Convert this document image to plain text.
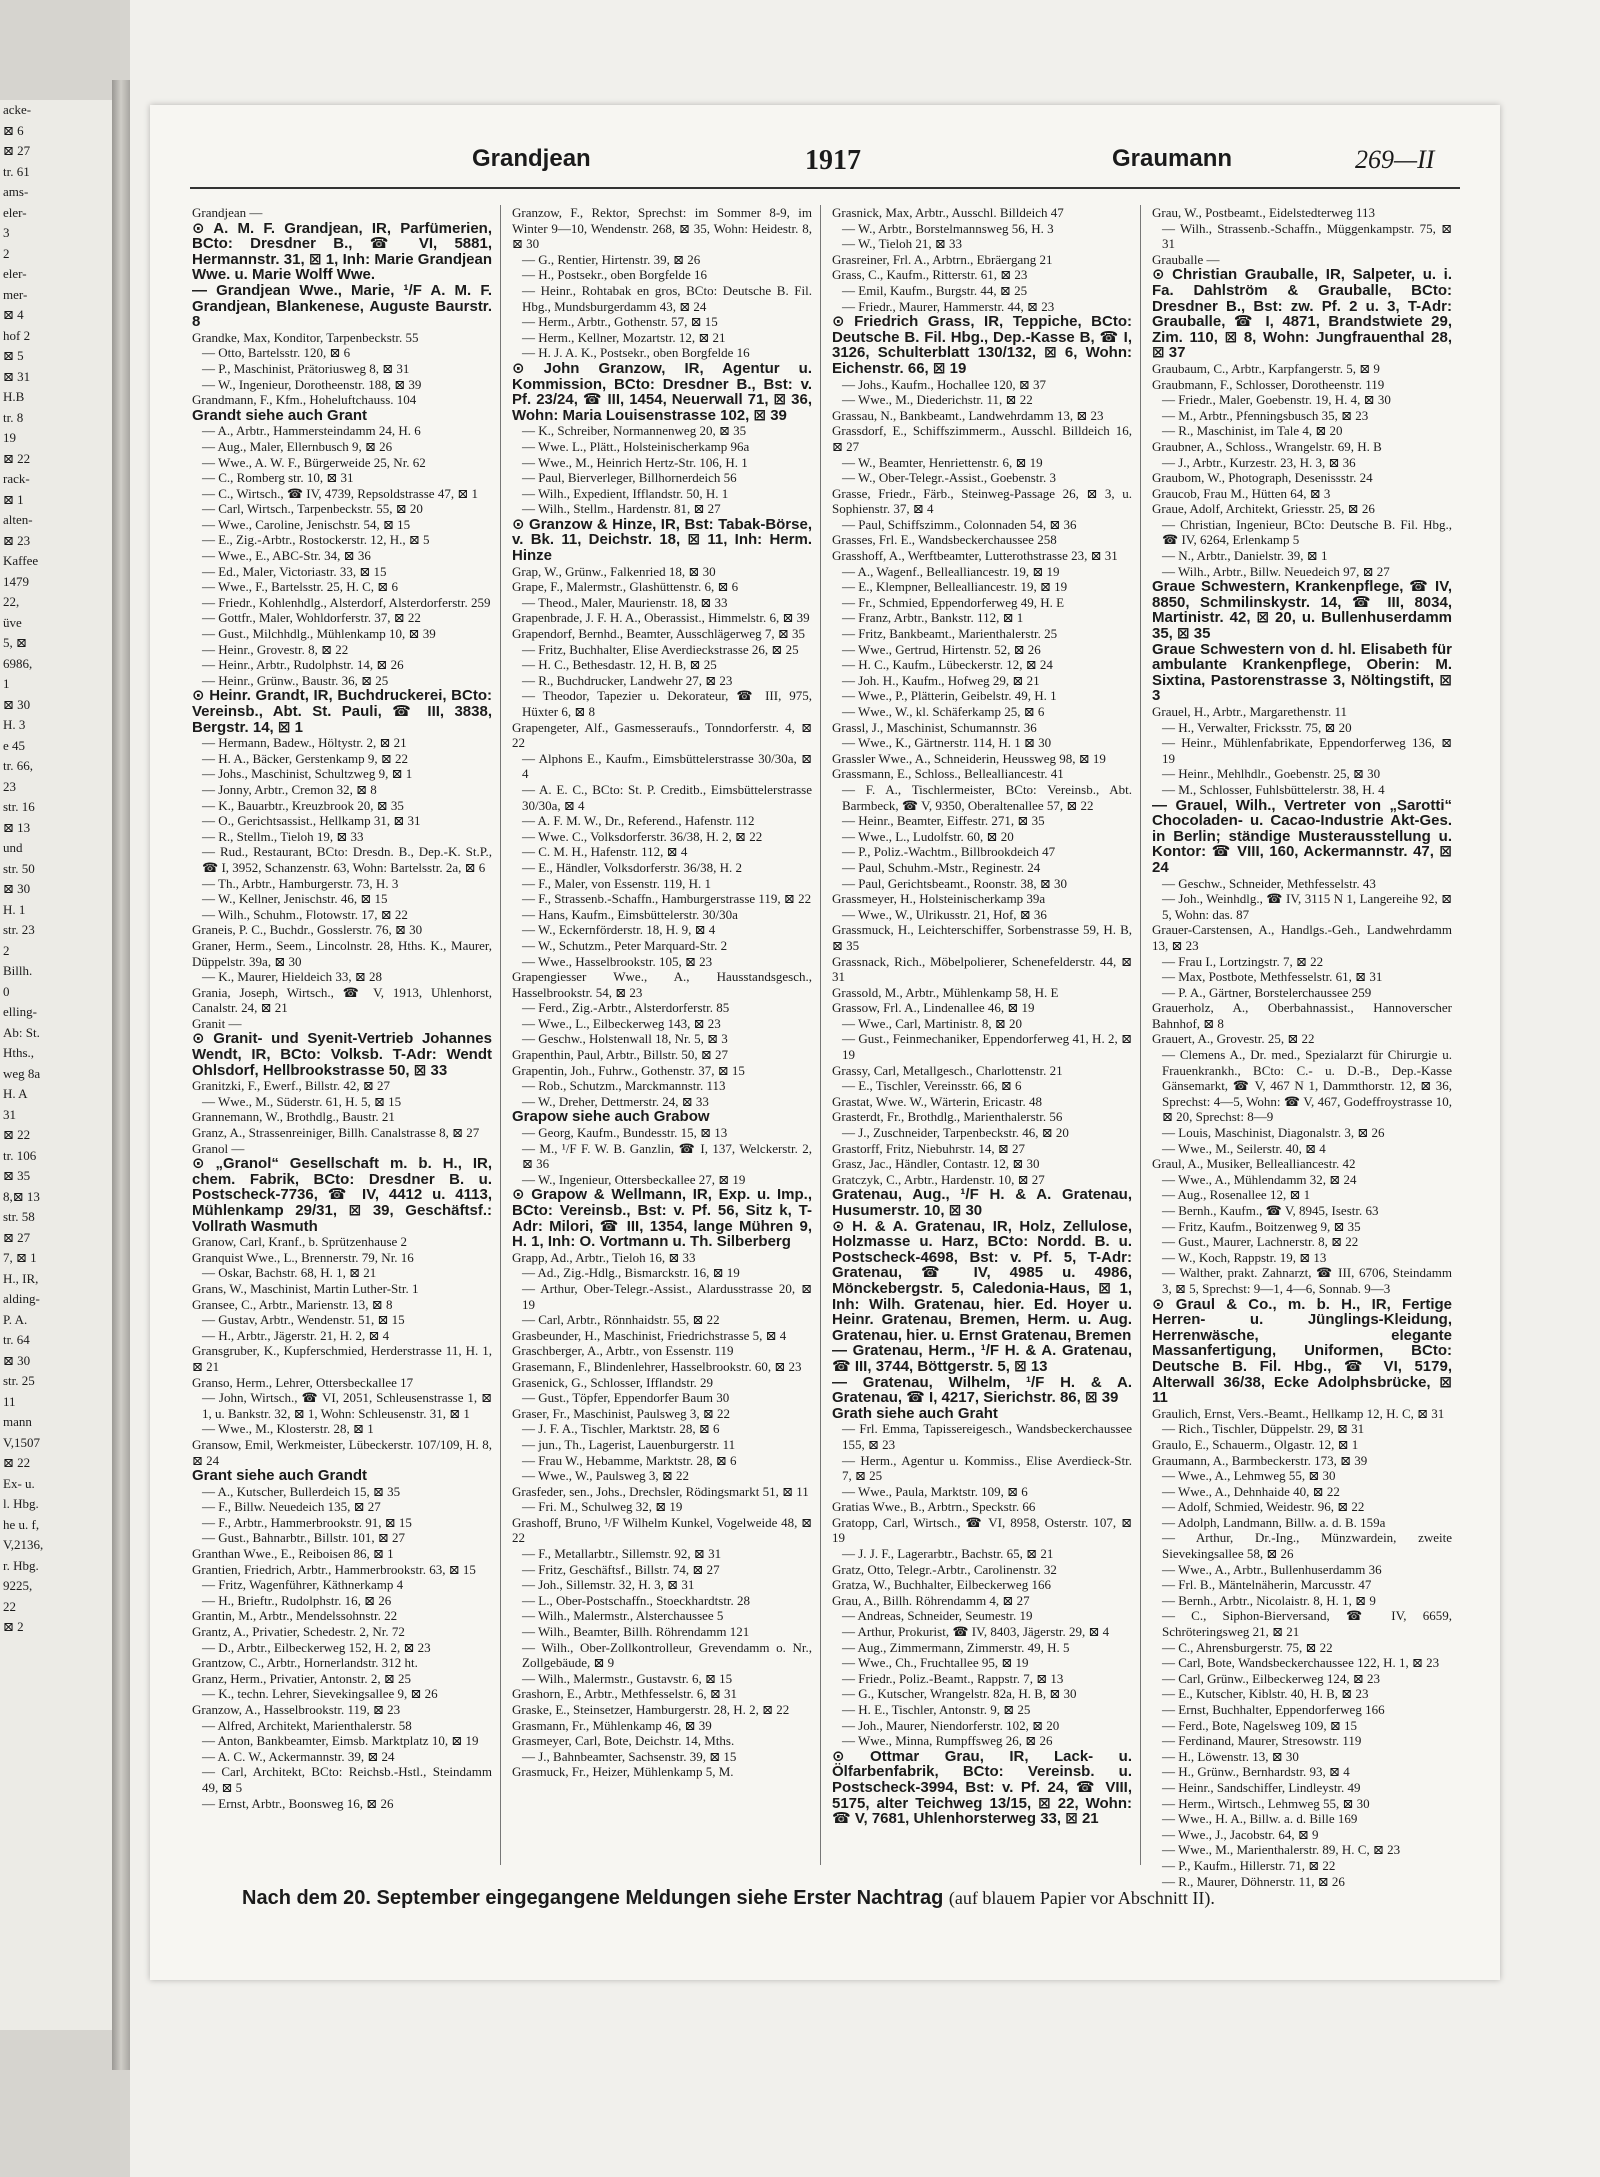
acke-
⊠ 6
⊠ 27
tr. 61
ams-
eler-
3
2
eler-
mer-
⊠ 4
hof 2
⊠ 5
⊠ 31
H.B
tr. 8
19
⊠ 22
rack-
⊠ 1
alten-
⊠ 23
Kaffee
1479
22,
üve
5, ⊠
6986,
1
⊠ 30
H. 3
e 45
tr. 66,
23
str. 16
⊠ 13
und
str. 50
⊠ 30
H. 1
str. 23
2
Billh.
0
elling-
Ab: St.
Hths.,
weg 8a
H. A
31
⊠ 22
tr. 106
⊠ 35
8,⊠ 13
str. 58
⊠ 27
7, ⊠ 1
H., IR,
alding-
P. A.
tr. 64
⊠ 30
str. 25
11
mann
V,1507
⊠ 22
Ex- u.
l. Hbg.
he u. f,
V,2136,
r. Hbg.
9225,
22
⊠ 2
Grandjean	1917	Graumann	269—II
Grandjean —
⊙ A. M. F. Grandjean, IR, Parfümerien, BCto: Dresdner B., ☎ VI, 5881, Hermannstr. 31, ⊠ 1, Inh: Marie Grandjean Wwe. u. Marie Wolff Wwe.
— Grandjean Wwe., Marie, ¹/F A. M. F. Grandjean, Blankenese, Auguste Baurstr. 8
Grandke, Max, Konditor, Tarpenbeckstr. 55
— Otto, Bartelsstr. 120, ⊠ 6
— P., Maschinist, Prätoriusweg 8, ⊠ 31
— W., Ingenieur, Dorotheenstr. 188, ⊠ 39
Grandmann, F., Kfm., Hoheluftchauss. 104
Grandt siehe auch Grant
— A., Arbtr., Hammersteindamm 24, H. 6
— Aug., Maler, Ellernbusch 9, ⊠ 26
— Wwe., A. W. F., Bürgerweide 25, Nr. 62
— C., Romberg str. 10, ⊠ 31
— C., Wirtsch., ☎ IV, 4739, Repsoldstrasse 47, ⊠ 1
— Carl, Wirtsch., Tarpenbeckstr. 55, ⊠ 20
— Wwe., Caroline, Jenischstr. 54, ⊠ 15
— E., Zig.-Arbtr., Rostockerstr. 12, H., ⊠ 5
— Wwe., E., ABC-Str. 34, ⊠ 36
— Ed., Maler, Victoriastr. 33, ⊠ 15
— Wwe., F., Bartelsstr. 25, H. C, ⊠ 6
— Friedr., Kohlenhdlg., Alsterdorf, Alsterdorferstr. 259
— Gottfr., Maler, Wohldorferstr. 37, ⊠ 22
— Gust., Milchhdlg., Mühlenkamp 10, ⊠ 39
— Heinr., Grovestr. 8, ⊠ 22
— Heinr., Arbtr., Rudolphstr. 14, ⊠ 26
— Heinr., Grünw., Baustr. 36, ⊠ 25
⊙ Heinr. Grandt, IR, Buchdruckerei, BCto: Vereinsb., Abt. St. Pauli, ☎ III, 3838, Bergstr. 14, ⊠ 1
— Hermann, Badew., Höltystr. 2, ⊠ 21
— H. A., Bäcker, Gerstenkamp 9, ⊠ 22
— Johs., Maschinist, Schultzweg 9, ⊠ 1
— Jonny, Arbtr., Cremon 32, ⊠ 8
— K., Bauarbtr., Kreuzbrook 20, ⊠ 35
— O., Gerichtsassist., Hellkamp 31, ⊠ 31
— R., Stellm., Tieloh 19, ⊠ 33
— Rud., Restaurant, BCto: Dresdn. B., Dep.-K. St.P., ☎ I, 3952, Schanzenstr. 63, Wohn: Bartelsstr. 2a, ⊠ 6
— Th., Arbtr., Hamburgerstr. 73, H. 3
— W., Kellner, Jenischstr. 46, ⊠ 15
— Wilh., Schuhm., Flotowstr. 17, ⊠ 22
Graneis, P. C., Buchdr., Gosslerstr. 76, ⊠ 30
Graner, Herm., Seem., Lincolnstr. 28, Hths. K., Maurer, Düppelstr. 39a, ⊠ 30
— K., Maurer, Hieldeich 33, ⊠ 28
Grania, Joseph, Wirtsch., ☎ V, 1913, Uhlenhorst, Canalstr. 24, ⊠ 21
Granit —
⊙ Granit- und Syenit-Vertrieb Johannes Wendt, IR, BCto: Volksb. T-Adr: Wendt Ohlsdorf, Hellbrookstrasse 50, ⊠ 33
Granitzki, F., Ewerf., Billstr. 42, ⊠ 27
— Wwe., M., Süderstr. 61, H. 5, ⊠ 15
Grannemann, W., Brothdlg., Baustr. 21
Granz, A., Strassenreiniger, Billh. Canalstrasse 8, ⊠ 27
Granol —
⊙ „Granol“ Gesellschaft m. b. H., IR, chem. Fabrik, BCto: Dresdner B. u. Postscheck-7736, ☎ IV, 4412 u. 4113, Mühlenkamp 29/31, ⊠ 39, Geschäftsf.: Vollrath Wasmuth
Granow, Carl, Kranf., b. Sprützenhause 2
Granquist Wwe., L., Brennerstr. 79, Nr. 16
— Oskar, Bachstr. 68, H. 1, ⊠ 21
Grans, W., Maschinist, Martin Luther-Str. 1
Gransee, C., Arbtr., Marienstr. 13, ⊠ 8
— Gustav, Arbtr., Wendenstr. 51, ⊠ 15
— H., Arbtr., Jägerstr. 21, H. 2, ⊠ 4
Gransgruber, K., Kupferschmied, Herderstrasse 11, H. 1, ⊠ 21
Granso, Herm., Lehrer, Ottersbeckallee 17
— John, Wirtsch., ☎ VI, 2051, Schleusenstrasse 1, ⊠ 1, u. Bankstr. 32, ⊠ 1, Wohn: Schleusenstr. 31, ⊠ 1
— Wwe., M., Klosterstr. 28, ⊠ 1
Gransow, Emil, Werkmeister, Lübeckerstr. 107/109, H. 8, ⊠ 24
Grant siehe auch Grandt
— A., Kutscher, Bullerdeich 15, ⊠ 35
— F., Billw. Neuedeich 135, ⊠ 27
— F., Arbtr., Hammerbrookstr. 91, ⊠ 15
— Gust., Bahnarbtr., Billstr. 101, ⊠ 27
Granthan Wwe., E., Reiboisen 86, ⊠ 1
Grantien, Friedrich, Arbtr., Hammerbrookstr. 63, ⊠ 15
— Fritz, Wagenführer, Käthnerkamp 4
— H., Brieftr., Rudolphstr. 16, ⊠ 26
Grantin, M., Arbtr., Mendelssohnstr. 22
Grantz, A., Privatier, Schedestr. 2, Nr. 72
— D., Arbtr., Eilbeckerweg 152, H. 2, ⊠ 23
Grantzow, C., Arbtr., Hornerlandstr. 312 ht.
Granz, Herm., Privatier, Antonstr. 2, ⊠ 25
— K., techn. Lehrer, Sievekingsallee 9, ⊠ 26
Granzow, A., Hasselbrookstr. 119, ⊠ 23
— Alfred, Architekt, Marienthalerstr. 58
— Anton, Bankbeamter, Eimsb. Marktplatz 10, ⊠ 19
— A. C. W., Ackermannstr. 39, ⊠ 24
— Carl, Architekt, BCto: Reichsb.-Hstl., Steindamm 49, ⊠ 5
— Ernst, Arbtr., Boonsweg 16, ⊠ 26
Granzow, F., Rektor, Sprechst: im Sommer 8-9, im Winter 9—10, Wendenstr. 268, ⊠ 35, Wohn: Heidestr. 8, ⊠ 30
— G., Rentier, Hirtenstr. 39, ⊠ 26
— H., Postsekr., oben Borgfelde 16
— Heinr., Rohtabak en gros, BCto: Deutsche B. Fil. Hbg., Mundsburgerdamm 43, ⊠ 24
— Herm., Arbtr., Gothenstr. 57, ⊠ 15
— Herm., Kellner, Mozartstr. 12, ⊠ 21
— H. J. A. K., Postsekr., oben Borgfelde 16
⊙ John Granzow, IR, Agentur u. Kommission, BCto: Dresdner B., Bst: v. Pf. 23/24, ☎ III, 1454, Neuerwall 71, ⊠ 36, Wohn: Maria Louisenstrasse 102, ⊠ 39
— K., Schreiber, Normannenweg 20, ⊠ 35
— Wwe. L., Plätt., Holsteinischerkamp 96a
— Wwe., M., Heinrich Hertz-Str. 106, H. 1
— Paul, Bierverleger, Billhornerdeich 56
— Wilh., Expedient, Ifflandstr. 50, H. 1
— Wilh., Stellm., Hardenstr. 81, ⊠ 27
⊙ Granzow & Hinze, IR, Bst: Tabak-Börse, v. Bk. 11, Deichstr. 18, ⊠ 11, Inh: Herm. Hinze
Grap, W., Grünw., Falkenried 18, ⊠ 30
Grape, F., Malermstr., Glashüttenstr. 6, ⊠ 6
— Theod., Maler, Maurienstr. 18, ⊠ 33
Grapenbrade, J. F. H. A., Oberassist., Himmelstr. 6, ⊠ 39
Grapendorf, Bernhd., Beamter, Ausschlägerweg 7, ⊠ 35
— Fritz, Buchhalter, Elise Averdieckstrasse 26, ⊠ 25
— H. C., Bethesdastr. 12, H. B, ⊠ 25
— R., Buchdrucker, Landwehr 27, ⊠ 23
— Theodor, Tapezier u. Dekorateur, ☎ III, 975, Hüxter 6, ⊠ 8
Grapengeter, Alf., Gasmesseraufs., Tonndorferstr. 4, ⊠ 22
— Alphons E., Kaufm., Eimsbüttelerstrasse 30/30a, ⊠ 4
— A. E. C., BCto: St. P. Creditb., Eimsbüttelerstrasse 30/30a, ⊠ 4
— A. F. M. W., Dr., Referend., Hafenstr. 112
— Wwe. C., Volksdorferstr. 36/38, H. 2, ⊠ 22
— C. M. H., Hafenstr. 112, ⊠ 4
— E., Händler, Volksdorferstr. 36/38, H. 2
— F., Maler, von Essenstr. 119, H. 1
— F., Strassenb.-Schaffn., Hamburgerstrasse 119, ⊠ 22
— Hans, Kaufm., Eimsbüttelerstr. 30/30a
— W., Eckernförderstr. 18, H. 9, ⊠ 4
— W., Schutzm., Peter Marquard-Str. 2
— Wwe., Hasselbrookstr. 105, ⊠ 23
Grapengiesser Wwe., A., Hausstandsgesch., Hasselbrookstr. 54, ⊠ 23
— Ferd., Zig.-Arbtr., Alsterdorferstr. 85
— Wwe., L., Eilbeckerweg 143, ⊠ 23
— Geschw., Holstenwall 18, Nr. 5, ⊠ 3
Grapenthin, Paul, Arbtr., Billstr. 50, ⊠ 27
Grapentin, Joh., Fuhrw., Gothenstr. 37, ⊠ 15
— Rob., Schutzm., Marckmannstr. 113
— W., Dreher, Dettmerstr. 24, ⊠ 33
Grapow siehe auch Grabow
— Georg, Kaufm., Bundesstr. 15, ⊠ 13
— M., ¹/F F. W. B. Ganzlin, ☎ I, 137, Welckerstr. 2, ⊠ 36
— W., Ingenieur, Ottersbeckallee 27, ⊠ 19
⊙ Grapow & Wellmann, IR, Exp. u. Imp., BCto: Vereinsb., Bst: v. Pf. 56, Sitz k, T-Adr: Milori, ☎ III, 1354, lange Mühren 9, H. 1, Inh: O. Vortmann u. Th. Silberberg
Grapp, Ad., Arbtr., Tieloh 16, ⊠ 33
— Ad., Zig.-Hdlg., Bismarckstr. 16, ⊠ 19
— Arthur, Ober-Telegr.-Assist., Alardusstrasse 20, ⊠ 19
— Carl, Arbtr., Rönnhaidstr. 55, ⊠ 22
Grasbeunder, H., Maschinist, Friedrichstrasse 5, ⊠ 4
Graschberger, A., Arbtr., von Essenstr. 119
Grasemann, F., Blindenlehrer, Hasselbrookstr. 60, ⊠ 23
Grasenick, G., Schlosser, Ifflandstr. 29
— Gust., Töpfer, Eppendorfer Baum 30
Graser, Fr., Maschinist, Paulsweg 3, ⊠ 22
— J. F. A., Tischler, Marktstr. 28, ⊠ 6
— jun., Th., Lagerist, Lauenburgerstr. 11
— Frau W., Hebamme, Marktstr. 28, ⊠ 6
— Wwe., W., Paulsweg 3, ⊠ 22
Grasfeder, sen., Johs., Drechsler, Rödingsmarkt 51, ⊠ 11
— Fri. M., Schulweg 32, ⊠ 19
Grashoff, Bruno, ¹/F Wilhelm Kunkel, Vogelweide 48, ⊠ 22
— F., Metallarbtr., Sillemstr. 92, ⊠ 31
— Fritz, Geschäftsf., Billstr. 74, ⊠ 27
— Joh., Sillemstr. 32, H. 3, ⊠ 31
— L., Ober-Postschaffn., Stoeckhardtstr. 28
— Wilh., Malermstr., Alsterchaussee 5
— Wilh., Beamter, Billh. Röhrendamm 121
— Wilh., Ober-Zollkontrolleur, Grevendamm o. Nr., Zollgebäude, ⊠ 9
— Wilh., Malermstr., Gustavstr. 6, ⊠ 15
Grashorn, E., Arbtr., Methfesselstr. 6, ⊠ 31
Graske, E., Steinsetzer, Hamburgerstr. 28, H. 2, ⊠ 22
Grasmann, Fr., Mühlenkamp 46, ⊠ 39
Grasmeyer, Carl, Bote, Deichstr. 14, Mths.
— J., Bahnbeamter, Sachsenstr. 39, ⊠ 15
Grasmuck, Fr., Heizer, Mühlenkamp 5, M.
Grasnick, Max, Arbtr., Ausschl. Billdeich 47
— W., Arbtr., Borstelmannsweg 56, H. 3
— W., Tieloh 21, ⊠ 33
Grasreiner, Frl. A., Arbtrn., Ebräergang 21
Grass, C., Kaufm., Ritterstr. 61, ⊠ 23
— Emil, Kaufm., Burgstr. 44, ⊠ 25
— Friedr., Maurer, Hammerstr. 44, ⊠ 23
⊙ Friedrich Grass, IR, Teppiche, BCto: Deutsche B. Fil. Hbg., Dep.-Kasse B, ☎ I, 3126, Schulterblatt 130/132, ⊠ 6, Wohn: Eichenstr. 66, ⊠ 19
— Johs., Kaufm., Hochallee 120, ⊠ 37
— Wwe., M., Diederichstr. 11, ⊠ 22
Grassau, N., Bankbeamt., Landwehrdamm 13, ⊠ 23
Grassdorf, E., Schiffszimmerm., Ausschl. Billdeich 16, ⊠ 27
— W., Beamter, Henriettenstr. 6, ⊠ 19
— W., Ober-Telegr.-Assist., Goebenstr. 3
Grasse, Friedr., Färb., Steinweg-Passage 26, ⊠ 3, u. Sophienstr. 37, ⊠ 4
— Paul, Schiffszimm., Colonnaden 54, ⊠ 36
Grasses, Frl. E., Wandsbeckerchaussee 258
Grasshoff, A., Werftbeamter, Lutterothstrasse 23, ⊠ 31
— A., Wagenf., Bellealliancestr. 19, ⊠ 19
— E., Klempner, Bellealliancestr. 19, ⊠ 19
— Fr., Schmied, Eppendorferweg 49, H. E
— Franz, Arbtr., Bankstr. 112, ⊠ 1
— Fritz, Bankbeamt., Marienthalerstr. 25
— Wwe., Gertrud, Hirtenstr. 52, ⊠ 26
— H. C., Kaufm., Lübeckerstr. 12, ⊠ 24
— Joh. H., Kaufm., Hofweg 29, ⊠ 21
— Wwe., P., Plätterin, Geibelstr. 49, H. 1
— Wwe., W., kl. Schäferkamp 25, ⊠ 6
Grassl, J., Maschinist, Schumannstr. 36
— Wwe., K., Gärtnerstr. 114, H. 1 ⊠ 30
Grassler Wwe., A., Schneiderin, Heussweg 98, ⊠ 19
Grassmann, E., Schloss., Bellealliancestr. 41
— F. A., Tischlermeister, BCto: Vereinsb., Abt. Barmbeck, ☎ V, 9350, Oberaltenallee 57, ⊠ 22
— Heinr., Beamter, Eiffestr. 271, ⊠ 35
— Wwe., L., Ludolfstr. 60, ⊠ 20
— P., Poliz.-Wachtm., Billbrookdeich 47
— Paul, Schuhm.-Mstr., Reginestr. 24
— Paul, Gerichtsbeamt., Roonstr. 38, ⊠ 30
Grassmeyer, H., Holsteinischerkamp 39a
— Wwe., W., Ulrikusstr. 21, Hof, ⊠ 36
Grassmuck, H., Leichterschiffer, Sorbenstrasse 59, H. B, ⊠ 35
Grassnack, Rich., Möbelpolierer, Schenefelderstr. 44, ⊠ 31
Grassold, M., Arbtr., Mühlenkamp 58, H. E
Grassow, Frl. A., Lindenallee 46, ⊠ 19
— Wwe., Carl, Martinistr. 8, ⊠ 20
— Gust., Feinmechaniker, Eppendorferweg 41, H. 2, ⊠ 19
Grassy, Carl, Metallgesch., Charlottenstr. 21
— E., Tischler, Vereinsstr. 66, ⊠ 6
Grastat, Wwe. W., Wärterin, Ericastr. 48
Grasterdt, Fr., Brothdlg., Marienthalerstr. 56
— J., Zuschneider, Tarpenbeckstr. 46, ⊠ 20
Grastorff, Fritz, Niebuhrstr. 14, ⊠ 27
Grasz, Jac., Händler, Contastr. 12, ⊠ 30
Gratczyk, C., Arbtr., Hardenstr. 10, ⊠ 27
Gratenau, Aug., ¹/F H. & A. Gratenau, Husumerstr. 10, ⊠ 30
⊙ H. & A. Gratenau, IR, Holz, Zellulose, Holzmasse u. Harz, BCto: Nordd. B. u. Postscheck-4698, Bst: v. Pf. 5, T-Adr: Gratenau, ☎ IV, 4985 u. 4986, Mönckebergstr. 5, Caledonia-Haus, ⊠ 1, Inh: Wilh. Gratenau, hier. Ed. Hoyer u. Heinr. Gratenau, Bremen, Herm. u. Aug. Gratenau, hier. u. Ernst Gratenau, Bremen
— Gratenau, Herm., ¹/F H. & A. Gratenau, ☎ III, 3744, Böttgerstr. 5, ⊠ 13
— Gratenau, Wilhelm, ¹/F H. & A. Gratenau, ☎ I, 4217, Sierichstr. 86, ⊠ 39
Grath siehe auch Graht
— Frl. Emma, Tapissereigesch., Wandsbeckerchaussee 155, ⊠ 23
— Herm., Agentur u. Kommiss., Elise Averdieck-Str. 7, ⊠ 25
— Wwe., Paula, Marktstr. 109, ⊠ 6
Gratias Wwe., B., Arbtrn., Speckstr. 66
Gratopp, Carl, Wirtsch., ☎ VI, 8958, Osterstr. 107, ⊠ 19
— J. J. F., Lagerarbtr., Bachstr. 65, ⊠ 21
Gratz, Otto, Telegr.-Arbtr., Carolinenstr. 32
Gratza, W., Buchhalter, Eilbeckerweg 166
Grau, A., Billh. Röhrendamm 4, ⊠ 27
— Andreas, Schneider, Seumestr. 19
— Arthur, Prokurist, ☎ IV, 8403, Jägerstr. 29, ⊠ 4
— Aug., Zimmermann, Zimmerstr. 49, H. 5
— Wwe., Ch., Fruchtallee 95, ⊠ 19
— Friedr., Poliz.-Beamt., Rappstr. 7, ⊠ 13
— G., Kutscher, Wrangelstr. 82a, H. B, ⊠ 30
— H. E., Tischler, Antonstr. 9, ⊠ 25
— Joh., Maurer, Niendorferstr. 102, ⊠ 20
— Wwe., Minna, Rumpffsweg 26, ⊠ 26
⊙ Ottmar Grau, IR, Lack- u. Ölfarbenfabrik, BCto: Vereinsb. u. Postscheck-3994, Bst: v. Pf. 24, ☎ VIII, 5175, alter Teichweg 13/15, ⊠ 22, Wohn: ☎ V, 7681, Uhlenhorsterweg 33, ⊠ 21
Grau, W., Postbeamt., Eidelstedterweg 113
— Wilh., Strassenb.-Schaffn., Müggenkampstr. 75, ⊠ 31
Grauballe —
⊙ Christian Grauballe, IR, Salpeter, u. i. Fa. Dahlström & Grauballe, BCto: Dresdner B., Bst: zw. Pf. 2 u. 3, T-Adr: Grauballe, ☎ I, 4871, Brandstwiete 29, Zim. 110, ⊠ 8, Wohn: Jungfrauenthal 28, ⊠ 37
Graubaum, C., Arbtr., Karpfangerstr. 5, ⊠ 9
Graubmann, F., Schlosser, Dorotheenstr. 119
— Friedr., Maler, Goebenstr. 19, H. 4, ⊠ 30
— M., Arbtr., Pfenningsbusch 35, ⊠ 23
— R., Maschinist, im Tale 4, ⊠ 20
Graubner, A., Schloss., Wrangelstr. 69, H. B
— J., Arbtr., Kurzestr. 23, H. 3, ⊠ 36
Graubom, W., Photograph, Desenissstr. 24
Graucob, Frau M., Hütten 64, ⊠ 3
Graue, Adolf, Architekt, Griesstr. 25, ⊠ 26
— Christian, Ingenieur, BCto: Deutsche B. Fil. Hbg., ☎ IV, 6264, Erlenkamp 5
— N., Arbtr., Danielstr. 39, ⊠ 1
— Wilh., Arbtr., Billw. Neuedeich 97, ⊠ 27
Graue Schwestern, Krankenpflege, ☎ IV, 8850, Schmilinskystr. 14, ☎ III, 8034, Martinistr. 42, ⊠ 20, u. Bullenhuserdamm 35, ⊠ 35
Graue Schwestern von d. hl. Elisabeth für ambulante Krankenpflege, Oberin: M. Sixtina, Pastorenstrasse 3, Nöltingstift, ⊠ 3
Grauel, H., Arbtr., Margarethenstr. 11
— H., Verwalter, Fricksstr. 75, ⊠ 20
— Heinr., Mühlenfabrikate, Eppendorferweg 136, ⊠ 19
— Heinr., Mehlhdlr., Goebenstr. 25, ⊠ 30
— M., Schlosser, Fuhlsbüttelerstr. 38, H. 4
— Grauel, Wilh., Vertreter von „Sarotti“ Chocoladen- u. Cacao-Industrie Akt-Ges. in Berlin; ständige Musterausstellung u. Kontor: ☎ VIII, 160, Ackermannstr. 47, ⊠ 24
— Geschw., Schneider, Methfesselstr. 43
— Joh., Weinhdlg., ☎ IV, 3115 N 1, Langereihe 92, ⊠ 5, Wohn: das. 87
Grauer-Carstensen, A., Handlgs.-Geh., Landwehrdamm 13, ⊠ 23
— Frau I., Lortzingstr. 7, ⊠ 22
— Max, Postbote, Methfesselstr. 61, ⊠ 31
— P. A., Gärtner, Borstelerchaussee 259
Grauerholz, A., Oberbahnassist., Hannoverscher Bahnhof, ⊠ 8
Grauert, A., Grovestr. 25, ⊠ 22
— Clemens A., Dr. med., Spezialarzt für Chirurgie u. Frauenkrankh., BCto: C.- u. D.-B., Dep.-Kasse Gänsemarkt, ☎ V, 467 N 1, Dammthorstr. 12, ⊠ 36, Sprechst: 4—5, Wohn: ☎ V, 467, Godeffroystrasse 10, ⊠ 20, Sprechst: 8—9
— Louis, Maschinist, Diagonalstr. 3, ⊠ 26
— Wwe., M., Seilerstr. 40, ⊠ 4
Graul, A., Musiker, Bellealliancestr. 42
— Wwe., A., Mühlendamm 32, ⊠ 24
— Aug., Rosenallee 12, ⊠ 1
— Bernh., Kaufm., ☎ V, 8945, Isestr. 63
— Fritz, Kaufm., Boitzenweg 9, ⊠ 35
— Gust., Maurer, Lachnerstr. 8, ⊠ 22
— W., Koch, Rappstr. 19, ⊠ 13
— Walther, prakt. Zahnarzt, ☎ III, 6706, Steindamm 3, ⊠ 5, Sprechst: 9—1, 4—6, Sonnab. 9—3
⊙ Graul & Co., m. b. H., IR, Fertige Herren- u. Jünglings-Kleidung, Herrenwäsche, elegante Massanfertigung, Uniformen, BCto: Deutsche B. Fil. Hbg., ☎ VI, 5179, Alterwall 36/38, Ecke Adolphsbrücke, ⊠ 11
Graulich, Ernst, Vers.-Beamt., Hellkamp 12, H. C, ⊠ 31
— Rich., Tischler, Düppelstr. 29, ⊠ 31
Graulo, E., Schauerm., Olgastr. 12, ⊠ 1
Graumann, A., Barmbeckerstr. 173, ⊠ 39
— Wwe., A., Lehmweg 55, ⊠ 30
— Wwe., A., Dehnhaide 40, ⊠ 22
— Adolf, Schmied, Weidestr. 96, ⊠ 22
— Adolph, Landmann, Billw. a. d. B. 159a
— Arthur, Dr.-Ing., Münzwardein, zweite Sievekingsallee 58, ⊠ 26
— Wwe., A., Arbtr., Bullenhuserdamm 36
— Frl. B., Mäntelnäherin, Marcusstr. 47
— Bernh., Arbtr., Nicolaistr. 8, H. 1, ⊠ 9
— C., Siphon-Bierversand, ☎ IV, 6659, Schröteringsweg 21, ⊠ 21
— C., Ahrensburgerstr. 75, ⊠ 22
— Carl, Bote, Wandsbeckerchaussee 122, H. 1, ⊠ 23
— Carl, Grünw., Eilbeckerweg 124, ⊠ 23
— E., Kutscher, Kiblstr. 40, H. B, ⊠ 23
— Ernst, Buchhalter, Eppendorferweg 166
— Ferd., Bote, Nagelsweg 109, ⊠ 15
— Ferdinand, Maurer, Stresowstr. 119
— H., Löwenstr. 13, ⊠ 30
— H., Grünw., Bernhardstr. 93, ⊠ 4
— Heinr., Sandschiffer, Lindleystr. 49
— Herm., Wirtsch., Lehmweg 55, ⊠ 30
— Wwe., H. A., Billw. a. d. Bille 169
— Wwe., J., Jacobstr. 64, ⊠ 9
— Wwe., M., Marienthalerstr. 89, H. C, ⊠ 23
— P., Kaufm., Hillerstr. 71, ⊠ 22
— R., Maurer, Döhnerstr. 11, ⊠ 26
Nach dem 20. September eingegangene Meldungen siehe Erster Nachtrag (auf blauem Papier vor Abschnitt II).
